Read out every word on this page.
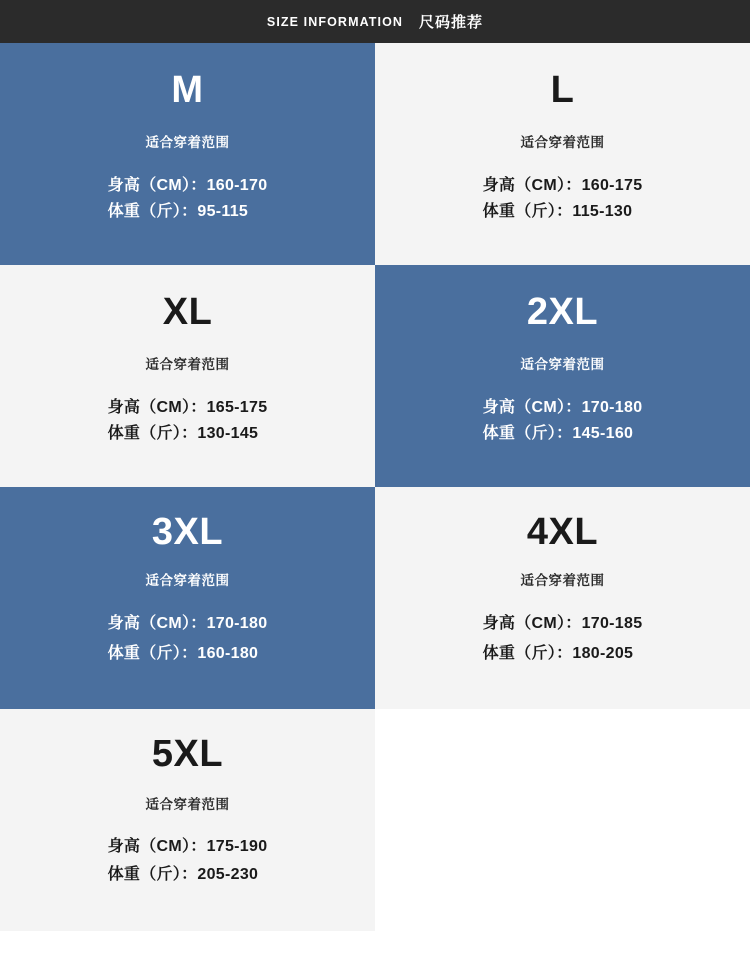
SIZE INFORMATION 尺码推荐
M
适合穿着范围
身高（CM）：160-170
体重（斤）：95-115
L
适合穿着范围
身高（CM）：160-175
体重（斤）：115-130
XL
适合穿着范围
身高（CM）：165-175
体重（斤）：130-145
2XL
适合穿着范围
身高（CM）：170-180
体重（斤）：145-160
3XL
适合穿着范围
身高（CM）：170-180
体重（斤）：160-180
4XL
适合穿着范围
身高（CM）：170-185
体重（斤）：180-205
5XL
适合穿着范围
身高（CM）：175-190
体重（斤）：205-230
